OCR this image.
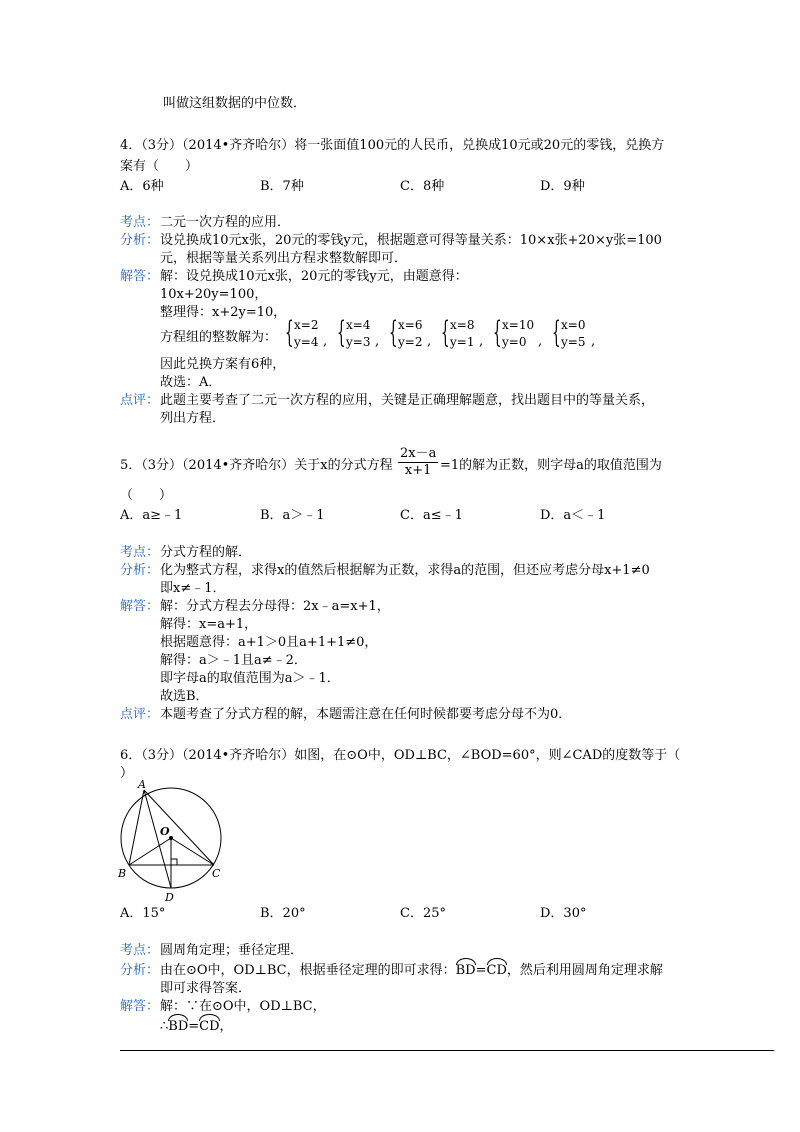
叫做这组数据的中位数．
4．（3分）（2014•齐齐哈尔）将一张面值100元的人民币，兑换成10元或20元的零钱，兑换方
案有（　　）
A．6种	B．7种	C．8种	D．9种
考点： 二元一次方程的应用．
分析： 设兑换成10元x张，20元的零钱y元，根据题意可得等量关系：10×x张+20×y张=100
元，根据等量关系列出方程求整数解即可．
解答： 解：设兑换成10元x张，20元的零钱y元，由题意得：
10x+20y=100，
整理得：x+2y=10，
方程组的整数解为： { x=2
y=4 , { x=4
y=3 , { x=6
y=2 , { x=8
y=1 , { x=10
y=0 , { x=0
y=5 ,
因此兑换方案有6种，
故选：A．
点评： 此题主要考查了二元一次方程的应用，关键是正确理解题意，找出题目中的等量关系，
列出方程．
5．（3分）（2014•齐齐哈尔）关于x的分式方程 $\frac{2x-a}{x+1} =1$的解为正数，则字母a的取值范围为
（　　）
A．a≥﹣1	B．a＞﹣1	C．a≤﹣1	D．a＜﹣1
考点： 分式方程的解．
分析： 化为整式方程，求得x的值然后根据解为正数，求得a的范围，但还应考虑分母x+1≠0
即x≠﹣1．
解答： 解：分式方程去分母得：2x﹣a=x+1，
解得：x=a+1，
根据题意得：a+1＞0且a+1+1≠0，
解得：a＞﹣1且a≠﹣2．
即字母a的取值范围为a＞﹣1．
故选B．
点评： 本题考查了分式方程的解，本题需注意在任何时候都要考虑分母不为0．
6．（3分）（2014•齐齐哈尔）如图，在⊙O中，OD⊥BC，∠BOD=60°，则∠CAD的度数等于（
）
A
O
B	C
D
A．15°	B．20°	C．25°	D．30°
考点： 圆周角定理；垂径定理．
分析： 由在⊙O中，OD⊥BC，根据垂径定理的即可求得：BD=CD，然后利用圆周角定理求解
即可求得答案．
解答： 解：∵在⊙O中，OD⊥BC，
∴BD=CD，
